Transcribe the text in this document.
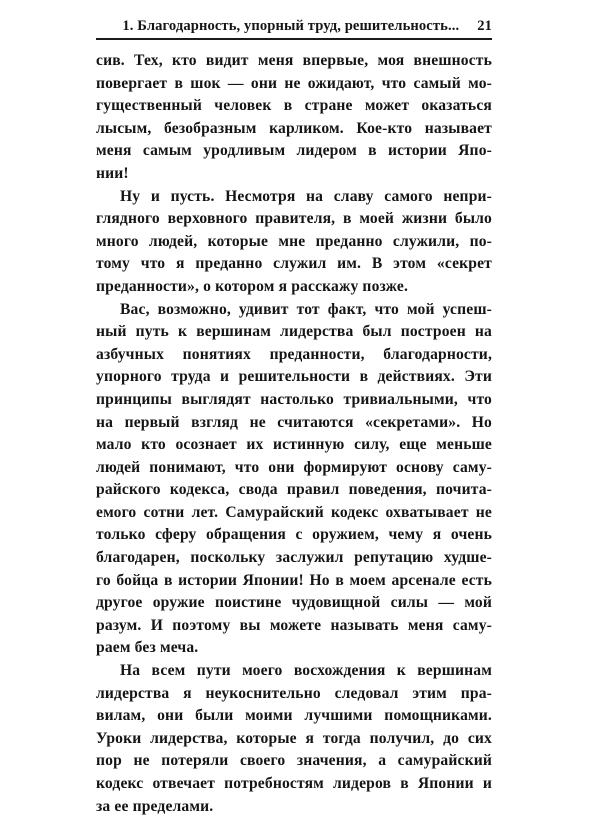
1. Благодарность, упорный труд, решительность... 21

сив. Тех, кто видит меня впервые, моя внешность
повергает в шок — они не ожидают, что самый мо-
гущественный человек в стране может оказаться
лысым, безобразным карликом. Кое-кто называет
меня самым уродливым лидером в истории Япо-
нии!

Ну и пусть. Несмотря на славу самого непри-
глядного верховного правителя, в моей жизни было
много людей, которые мне преданно служили, по-
тому что я преданно служил им. В этом «секрет
преданности», о котором я расскажу позже.

Вас, возможно, удивит тот факт, что мой успеш-
ный путь к вершинам лидерства был построен на
азбучных понятиях преданности, благодарности,
упорного труда и решительности в действиях. Эти
принципы выглядят настолько тривиальными, что
на первый взгляд не считаются «секретами». Но
мало кто осознает их истинную силу, еще меньше
людей понимают, что они формируют основу саму-
райского кодекса, свода правил поведения, почита-
емого сотни лет. Самурайский кодекс охватывает не
только сферу обращения с оружием, чему я очень
благодарен, поскольку заслужил репутацию худше-
го бойца в истории Японии! Но в моем арсенале есть
другое оружие поистине чудовищной силы — мой
разум. И поэтому вы можете называть меня саму-
раем без меча.

На всем пути моего восхождения к вершинам
лидерства я неукоснительно следовал этим пра-
вилам, они были моими лучшими помощниками.
Уроки лидерства, которые я тогда получил, до сих
пор не потеряли своего значения, а самурайский
кодекс отвечает потребностям лидеров в Японии и
за ее пределами.
